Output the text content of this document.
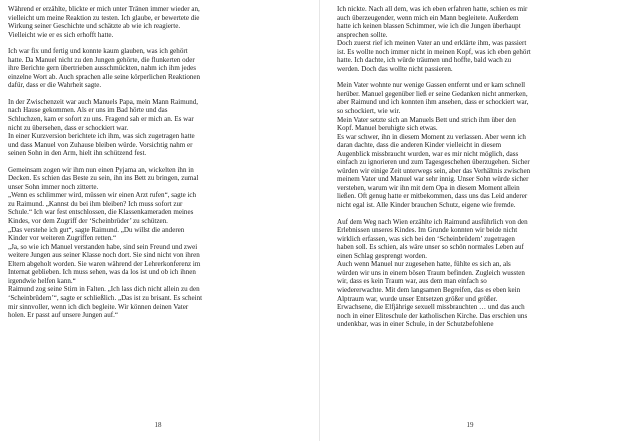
Während er erzählte, blickte er mich unter Tränen immer wieder an,
vielleicht um meine Reaktion zu testen. Ich glaube, er bewertete die
Wirkung seiner Geschichte und schätzte ab wie ich reagierte.
Vielleicht wie er es sich erhofft hatte.

Ich war fix und fertig und konnte kaum glauben, was ich gehört
hatte. Da Manuel nicht zu den Jungen gehörte, die flunkerten oder
ihre Berichte gern übertrieben ausschmückten, nahm ich ihm jedes
einzelne Wort ab. Auch sprachen alle seine körperlichen Reaktionen
dafür, dass er die Wahrheit sagte.

In der Zwischenzeit war auch Manuels Papa, mein Mann Raimund,
nach Hause gekommen. Als er uns im Bad hörte und das
Schluchzen, kam er sofort zu uns. Fragend sah er mich an. Es war
nicht zu übersehen, dass er schockiert war.
In einer Kurzversion berichtete ich ihm, was sich zugetragen hatte
und dass Manuel von Zuhause bleiben würde. Vorsichtig nahm er
seinen Sohn in den Arm, hielt ihn schützend fest.

Gemeinsam zogen wir ihm nun einen Pyjama an, wickelten ihn in
Decken. Es schien das Beste zu sein, ihn ins Bett zu bringen, zumal
unser Sohn immer noch zitterte.
„Wenn es schlimmer wird, müssen wir einen Arzt rufen“, sagte ich
zu Raimund. „Kannst du bei ihm bleiben? Ich muss sofort zur
Schule.“ Ich war fest entschlossen, die Klassenkameraden meines
Kindes, vor dem Zugriff der ‘Scheinbrüder’ zu schützen.
„Das verstehe ich gut“, sagte Raimund. „Du willst die anderen
Kinder vor weiteren Zugriffen retten.“
„Ja, so wie ich Manuel verstanden habe, sind sein Freund und zwei
weitere Jungen aus seiner Klasse noch dort. Sie sind nicht von ihren
Eltern abgeholt worden. Sie waren während der Lehrerkonferenz im
Internat geblieben. Ich muss sehen, was da los ist und ob ich ihnen
irgendwie helfen kann.“
Raimund zog seine Stirn in Falten. „Ich lass dich nicht allein zu den
‘Scheinbrüdern’“, sagte er schließlich. „Das ist zu brisant. Es scheint
mir sinnvoller, wenn ich dich begleite. Wir können deinen Vater
holen. Er passt auf unsere Jungen auf.“

18

Ich nickte. Nach all dem, was ich eben erfahren hatte, schien es mir
auch überzeugender, wenn mich ein Mann begleitete. Außerdem
hatte ich keinen blassen Schimmer, wie ich die Jungen überhaupt
ansprechen sollte.
Doch zuerst rief ich meinen Vater an und erklärte ihm, was passiert
ist. Es wollte noch immer nicht in meinen Kopf, was ich eben gehört
hatte. Ich dachte, ich würde träumen und hoffte, bald wach zu
werden. Doch das wollte nicht passieren.

Mein Vater wohnte nur wenige Gassen entfernt und er kam schnell
herüber. Manuel gegenüber ließ er seine Gedanken nicht anmerken,
aber Raimund und ich konnten ihm ansehen, dass er schockiert war,
so schockiert, wie wir.
Mein Vater setzte sich an Manuels Bett und strich ihm über den
Kopf. Manuel beruhigte sich etwas.
Es war schwer, ihn in diesem Moment zu verlassen. Aber wenn ich
daran dachte, dass die anderen Kinder vielleicht in diesem
Augenblick missbraucht wurden, war es mir nicht möglich, dass
einfach zu ignorieren und zum Tagesgeschehen überzugehen. Sicher
würden wir einige Zeit unterwegs sein, aber das Verhältnis zwischen
meinem Vater und Manuel war sehr innig. Unser Sohn würde sicher
verstehen, warum wir ihn mit dem Opa in diesem Moment allein
ließen. Oft genug hatte er mitbekommen, dass uns das Leid anderer
nicht egal ist. Alle Kinder brauchen Schutz, eigene wie fremde.

Auf dem Weg nach Wien erzählte ich Raimund ausführlich von den
Erlebnissen unseres Kindes. Im Grunde konnten wir beide nicht
wirklich erfassen, was sich bei den ‘Scheinbrüdern’ zugetragen
haben soll. Es schien, als wäre unser so schön normales Leben auf
einen Schlag gesprengt worden.
Auch wenn Manuel nur zugesehen hatte, fühlte es sich an, als
würden wir uns in einem bösen Traum befinden. Zugleich wussten
wir, dass es kein Traum war, aus dem man einfach so
wiedererwachte. Mit dem langsamen Begreifen, das es eben kein
Alptraum war, wurde unser Entsetzen größer und größer.
Erwachsene, die Elfjährige sexuell missbrauchten … und das auch
noch in einer Eliteschule der katholischen Kirche. Das erschien uns
undenkbar, was in einer Schule, in der Schutzbefohlene

19
